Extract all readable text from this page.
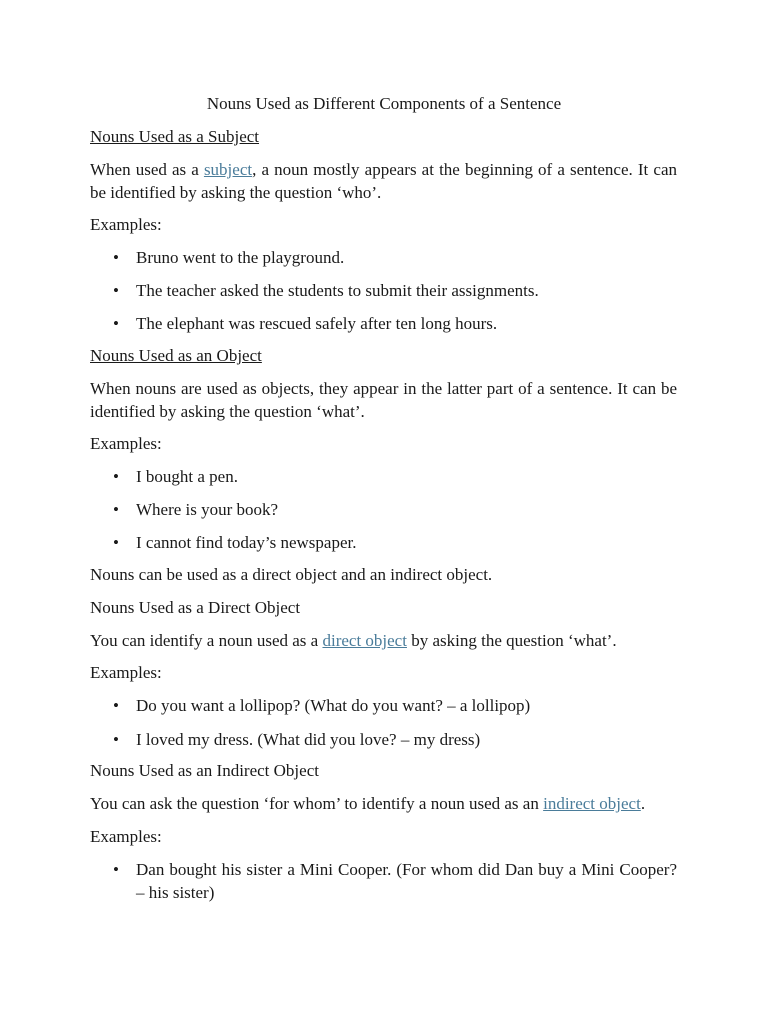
Nouns Used as Different Components of a Sentence
Nouns Used as a Subject
When used as a subject, a noun mostly appears at the beginning of a sentence. It can be identified by asking the question ‘who’.
Examples:
• Bruno went to the playground.
• The teacher asked the students to submit their assignments.
• The elephant was rescued safely after ten long hours.
Nouns Used as an Object
When nouns are used as objects, they appear in the latter part of a sentence. It can be identified by asking the question ‘what’.
Examples:
• I bought a pen.
• Where is your book?
• I cannot find today’s newspaper.
Nouns can be used as a direct object and an indirect object.
Nouns Used as a Direct Object
You can identify a noun used as a direct object by asking the question ‘what’.
Examples:
• Do you want a lollipop? (What do you want? – a lollipop)
• I loved my dress. (What did you love? – my dress)
Nouns Used as an Indirect Object
You can ask the question ‘for whom’ to identify a noun used as an indirect object.
Examples:
• Dan bought his sister a Mini Cooper. (For whom did Dan buy a Mini Cooper? – his sister)
